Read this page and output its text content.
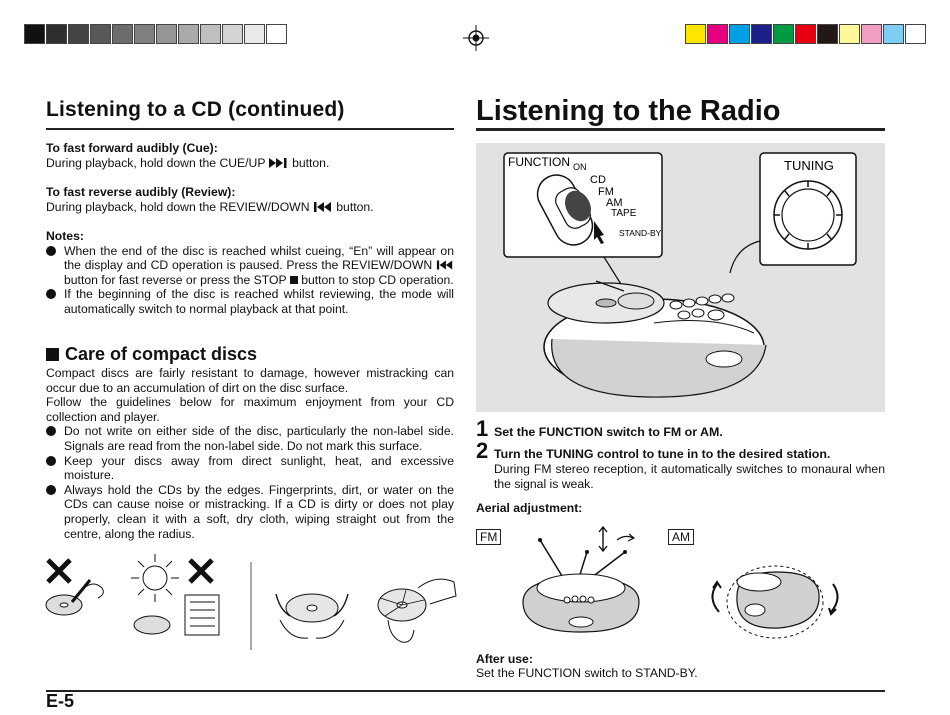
Listening to a CD (continued)

To fast forward audibly (Cue):

During playback, hold down the CUE/UP button.

To fast reverse audibly (Review):

During playback, hold down the REVIEW/DOWN button.

Notes:

When the end of the disc is reached whilst cueing, “En” will appear on the display and CD operation is paused. Press the REVIEW/DOWN  button for fast reverse or press the STOP button to stop CD operation.
If the beginning of the disc is reached whilst reviewing, the mode will automatically switch to normal playback at that point.
Care of compact discs

Compact discs are fairly resistant to damage, however mistracking can occur due to an accumulation of dirt on the disc surface.

Follow the guidelines below for maximum enjoyment from your CD collection and player.

Do not write on either side of the disc, particularly the non-label side. Signals are read from the non-label side. Do not mark this surface.
Keep your discs away from direct sunlight, heat, and excessive moisture.
Always hold the CDs by the edges. Fingerprints, dirt, or water on the CDs can cause noise or mistracking. If a CD is dirty or does not play properly, clean it with a soft, dry cloth, wiping straight out from the centre, along the radius.
E-5
Listening to the Radio
FUNCTION ON
CD
FM
AM
TAPE
STAND-BY
TUNING
1 Set the FUNCTION switch to FM or AM.
2 Turn the TUNING control to tune in to the desired station.

During FM stereo reception, it automatically switches to monaural when the signal is weak.

Aerial adjustment:

FM	AM

After use:

Set the FUNCTION switch to STAND-BY.
